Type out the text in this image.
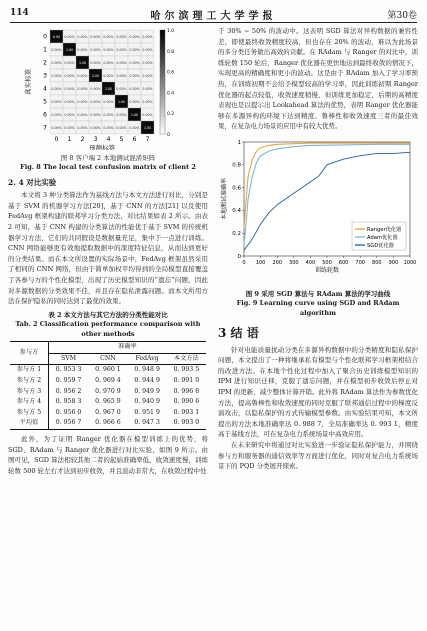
114	哈尔滨理工大学学报	第30卷
0.92 0.00% 0.00% 0.00% 0.00% 0.00% 0.00% 0.00%
0.00% 1.00 0.00% 0.00% 0.00% 0.00% 0.00% 0.00%
0.00% 0.00% 1.00 0.00% 0.00% 0.00% 0.00% 0.00%
0.00% 0.00% 0.00% 1.00 0.00% 0.00% 0.00% 0.00%
0.00% 0.00% 0.00% 0.00% 1.00 0.00% 0.00% 0.00%
0.00% 0.00% 0.00% 0.00% 0.00% 1.00 0.00% 0.00%
0.00% 0.00% 0.00% 0.00% 0.00% 0.00% 1.00 0.00%
0.00% 0.00% 0.00% 0.00% 0.00% 0.00% 0.00% 1.00
0
0
1
1
2
2
3
3
4
4
5
5
6
6
7
7
真实标签
预测标签
1.0
0.8
0.6
0.4
0.2
0
图 8 客户端 2 本地测试混淆矩阵
Fig. 8 The local test confusion matrix of client 2
2. 4 对比实验

本文将 3 种分类算法作为基线方法与本文方法进行对比，分别是基于 SVM 的机器学习方法[20]，基于 CNN 的方法[21] 以及使用 FedAvg 框架构建的联邦学习分类方法，对比结果如表 2 所示。由表 2 可知，基于 CNN 构建的分类算法的性能优于基于 SVM 的传统机器学习方法，它们的共同假设是数据量充足，集中于一点进行训练。CNN 网络能够更有效地提取数据中的深度特征信息，从而达到更好的分类结果。而在本文所设置的实际场景中，FedAvg 框架虽然采用了相同的 CNN 网络，但由于简单加权平均得到的全局模型直接覆盖了各参与方的个性化模型，出现了历史模型知识的“遗忘”问题，因此对多源数据的分类效果不佳，并且存在隐私泄露问题。而本文所用方法在保护隐私的同时达到了最优的效果。

表 2 本文方法与其它方法的分类性能对比
Tab. 2 Classification performance comparison with other methods
参与方	准确率			
	SVM	CNN	FedAvg	本文方法
参与方 1	0. 953 3	0. 960 1	0. 948 9	0. 993 5
参与方 2	0. 959 7	0. 969 4	0. 944 9	0. 991 0
参与方 3	0. 956 2	0. 970 9	0. 949 9	0. 996 8
参与方 4	0. 958 3	0. 965 9	0. 940 9	0. 990 6
参与方 5	0. 956 0	0. 967 0	0. 951 9	0. 993 1
平均值	0. 956 7	0. 966 6	0. 947 3	0. 993 0

此外，为了证明 Ranger 优化器在模型训练上的优势，将 SGD、RAdam 与 Ranger 优化器进行对比实验，如图 9 所示。由图可见，SGD 算法相较其他二者的起始准确率低，收敛速度慢，训练轮数 500 轮左右才达到初步收敛，并且波动非常大，在收敛过程中处

于 30% ~ 50% 的波动中。这表明 SGD 算法对异构数据的兼容性差，即使最终收敛精度较高，但也存在 20% 的波动，难以为此场景的多分类任务做出高效的贡献。在 RAdam 与 Ranger 的对比中，训练轮数 150 轮后，Ranger 优化器在更快地达到最终收敛的情况下，实现更高的精确度和更小的波动。这是由于 RAdam 加入了学习率预热，在训练初期不会给予模型较高的学习率，因此训练初期 Ranger 优化器的起点较低，收敛速度稍慢，但训练更加稳定，后期的高精度表现也是以提示出 Lookahead 算法的优势，表明 Ranger 优化器能够在多源异构的环境下达到精度、鲁棒性和收敛速度三者的最佳效果，在复杂电力场景的应用中有较大优势。

0
0.2
0.4
0.6
0.8
1
0 100 200 300 400 500 600 700 800 900 1000
本地测试准确率
训练轮数
Ranger优化器
Adam优化器
SGD优化器
图 9 采用 SGD 算法与 RAdam 算法的学习曲线
Fig. 9 Learning curve using SGD and RAdam algorithm
3 结 语

针对电能质量扰动分类在多源异构数据中的分类精度和隐私保护问题，本文提出了一种将继承私有模型与个性化联邦学习框架相结合的改进方法。在本地个性化过程中加入了聚合历史训练模型知识的 IPM 进行知识迁移，克服了遗忘问题，并在模型初步收敛后停止对 IPM 的更新，减少整体计算开销。此外将 RAdam 算法作为参数优化方法，提高鲁棒性和收敛速度的同时克服了联邦通信过程中的梯度反演攻击，以隐私保护的方式传输模型参数。由实验结果可知，本文所提出的方法本地准确率达 0. 988 7，全局准确率达 0. 993 1，精度高于基线方法，可在复杂电力系统场景中高效应用。

在未来研究中将通过对比实验进一步验证隐私保护能力，并围绕参与方和服务器的通信效率等方面进行优化，同时对复合电力系统场景下的 PQD 分类展开探索。
